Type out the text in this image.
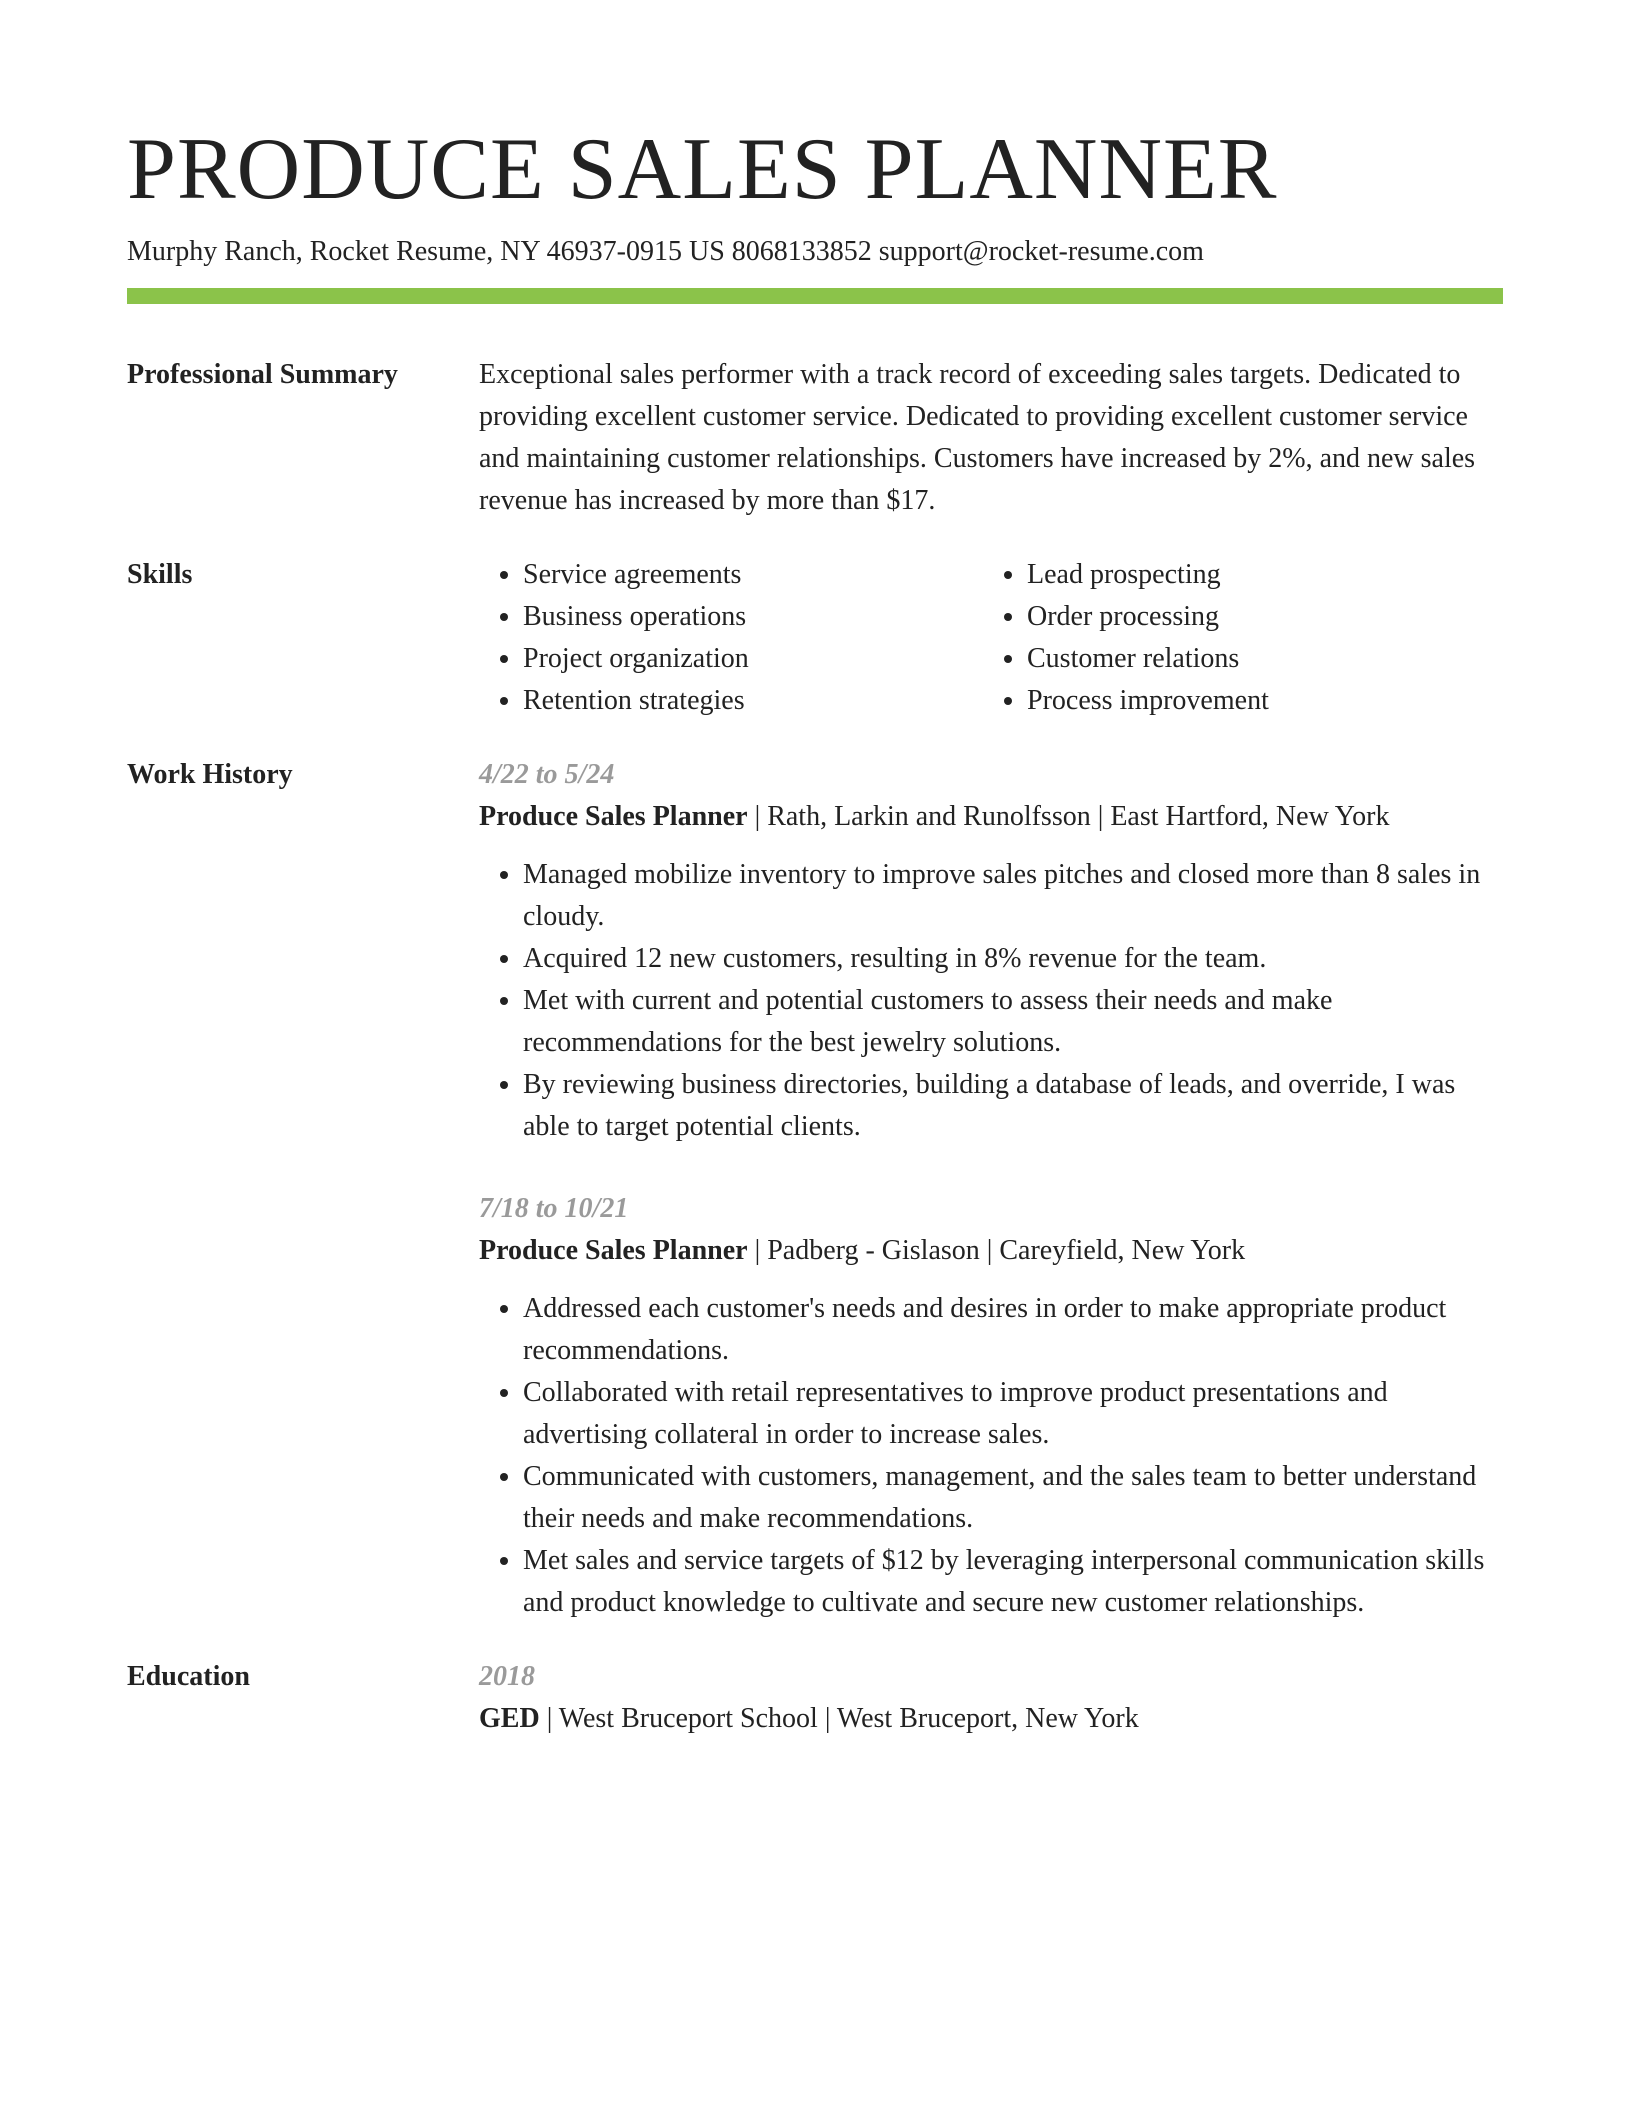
PRODUCE SALES PLANNER
Murphy Ranch, Rocket Resume, NY 46937-0915 US 8068133852 support@rocket-resume.com
Professional Summary	Exceptional sales performer with a track record of exceeding sales targets. Dedicated to providing excellent customer service. Dedicated to providing excellent customer service and maintaining customer relationships. Customers have increased by 2%, and new sales revenue has increased by more than $17.
Skills
•	Service agreements
• Business operations
• Project organization
• Retention strategies
• Lead prospecting
• Order processing
• Customer relations
• Process improvement
Work History	4/22 to 5/24
Produce Sales Planner | Rath, Larkin and Runolfsson | East Hartford, New York
• Managed mobilize inventory to improve sales pitches and closed more than 8 sales in cloudy.
• Acquired 12 new customers, resulting in 8% revenue for the team.
• Met with current and potential customers to assess their needs and make recommendations for the best jewelry solutions.
• By reviewing business directories, building a database of leads, and override, I was able to target potential clients.
7/18 to 10/21
Produce Sales Planner | Padberg - Gislason | Careyfield, New York
• Addressed each customer's needs and desires in order to make appropriate product recommendations.
• Collaborated with retail representatives to improve product presentations and advertising collateral in order to increase sales.
• Communicated with customers, management, and the sales team to better understand their needs and make recommendations.
• Met sales and service targets of $12 by leveraging interpersonal communication skills and product knowledge to cultivate and secure new customer relationships.
Education	2018
GED | West Bruceport School | West Bruceport, New York
